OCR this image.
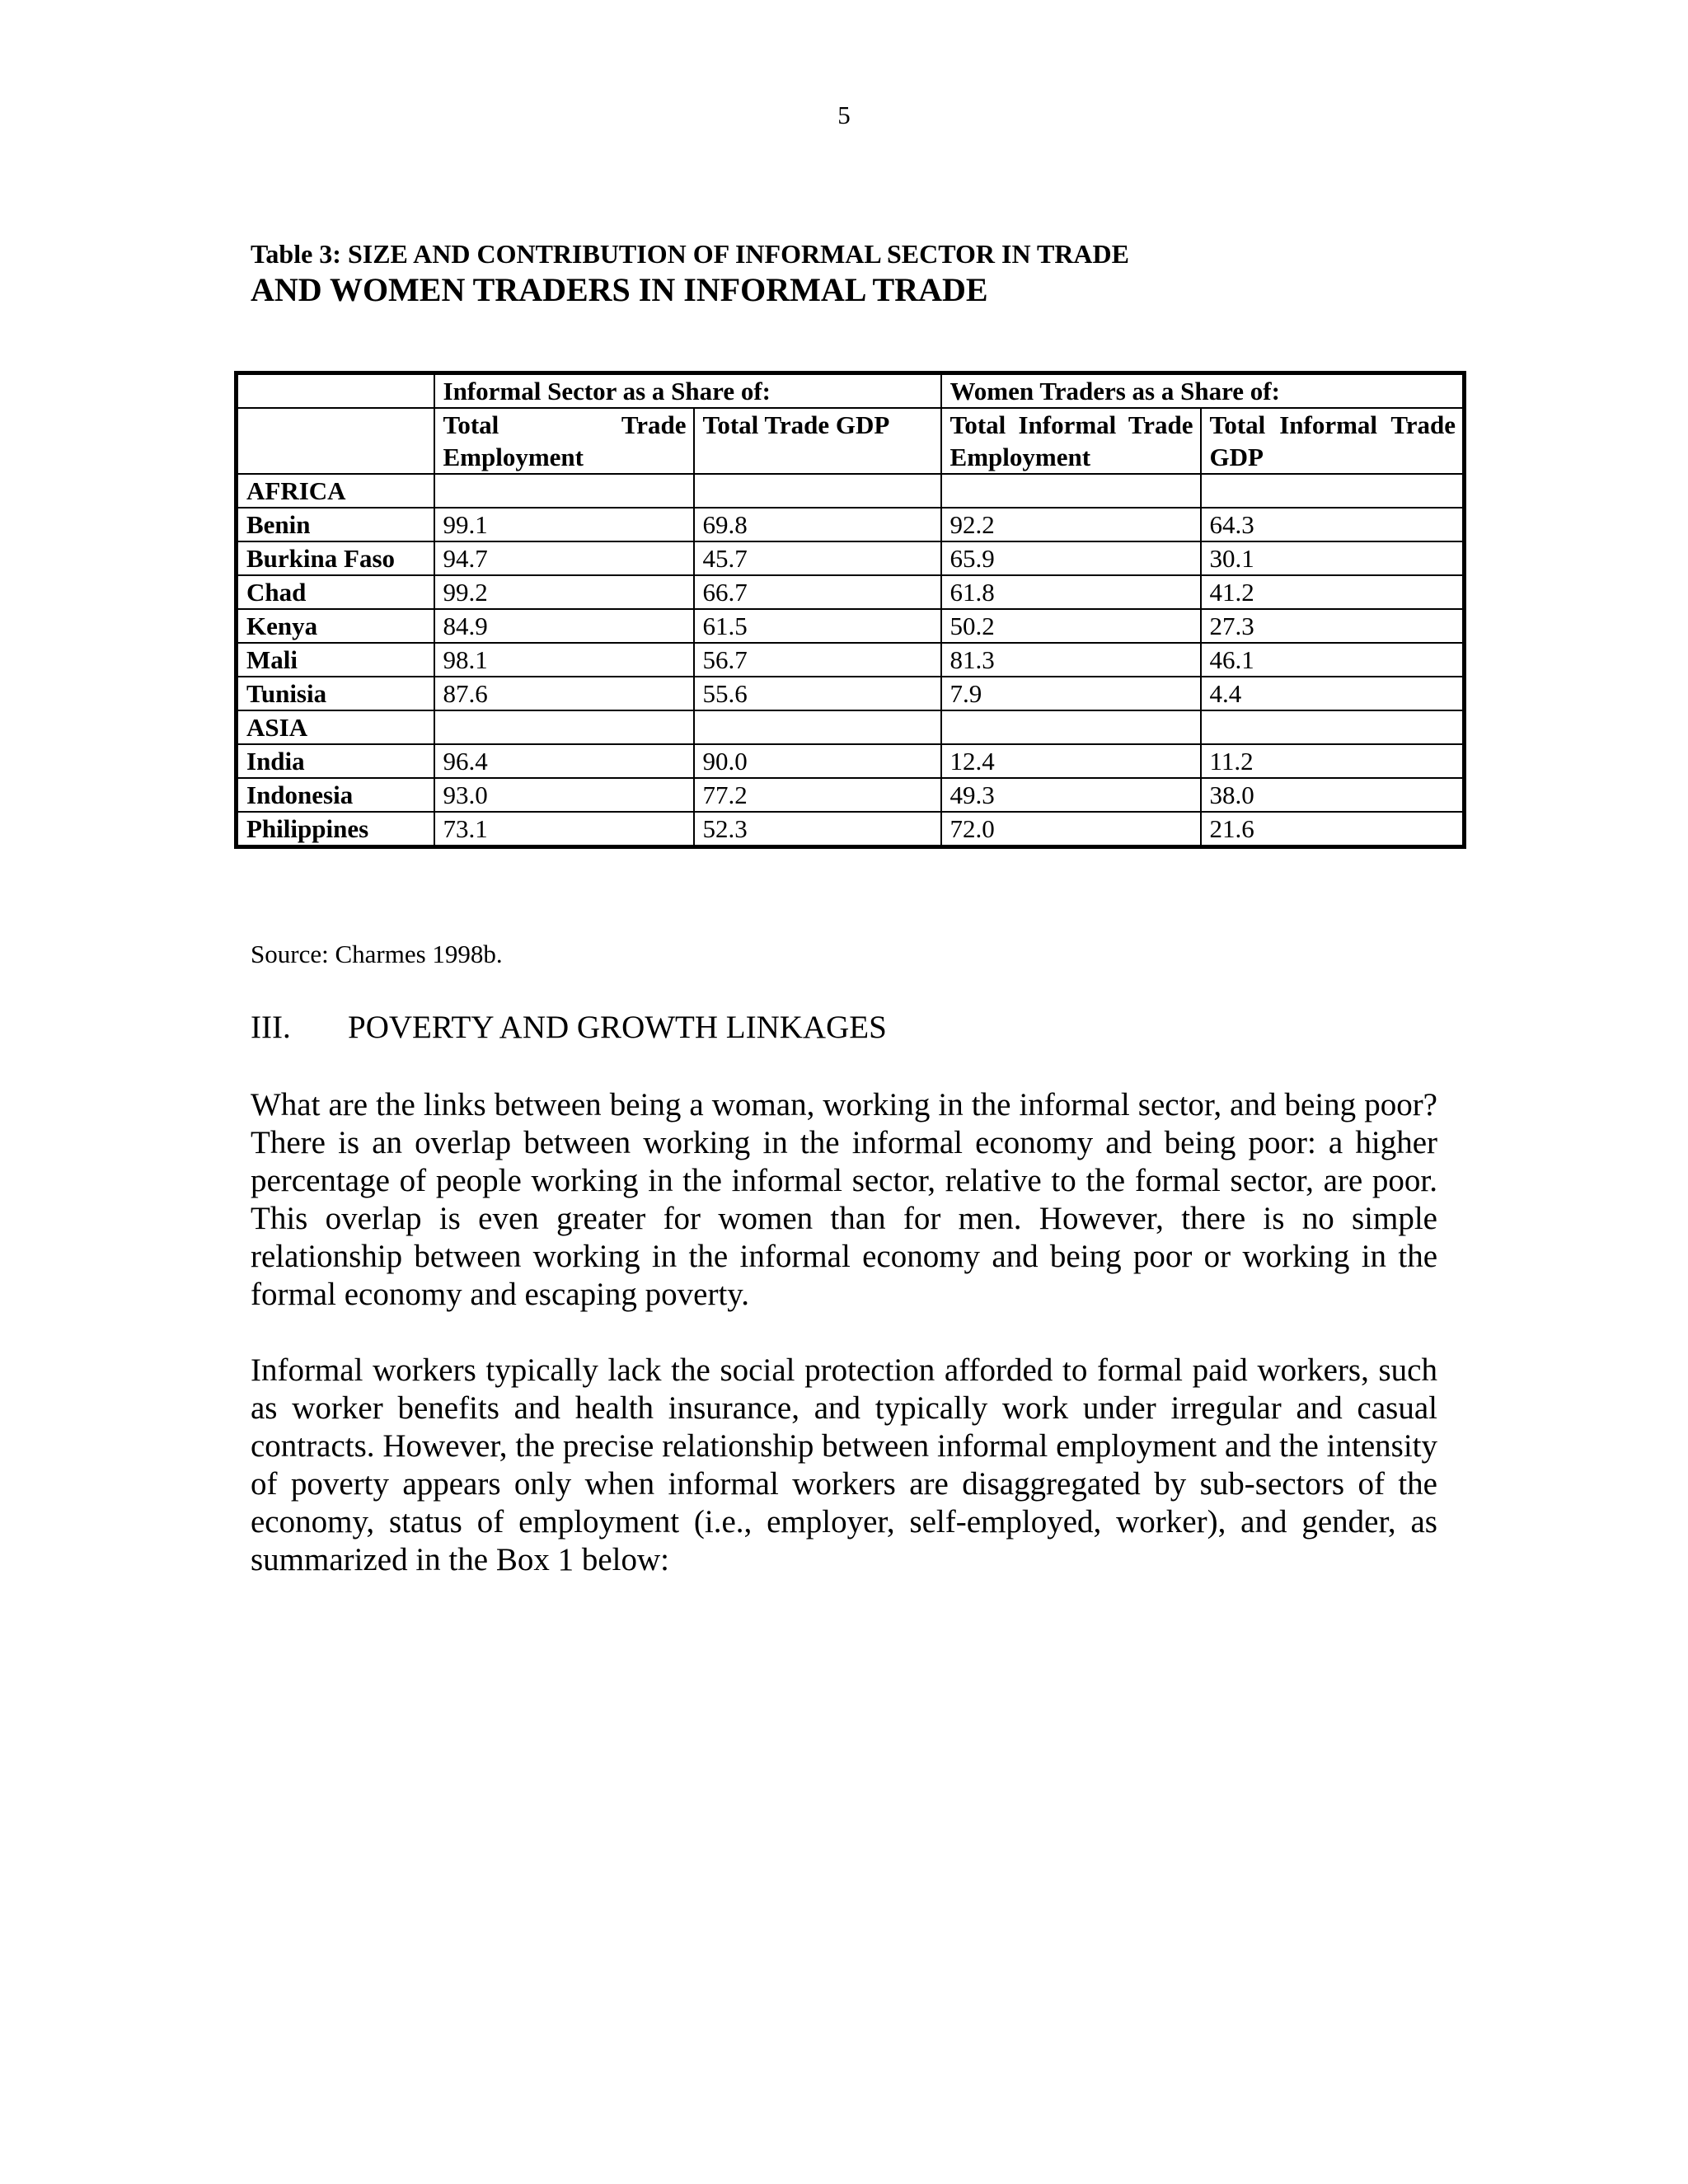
5
Table 3: SIZE AND CONTRIBUTION OF INFORMAL SECTOR IN TRADE
AND WOMEN TRADERS IN INFORMAL TRADE
	Informal Sector as a Share of:		Women Traders as a Share of:	
	Total Trade Employment	Total Trade GDP	Total Informal Trade Employment	Total Informal Trade GDP
AFRICA				
Benin	99.1	69.8	92.2	64.3
Burkina Faso	94.7	45.7	65.9	30.1
Chad	99.2	66.7	61.8	41.2
Kenya	84.9	61.5	50.2	27.3
Mali	98.1	56.7	81.3	46.1
Tunisia	87.6	55.6	7.9	4.4
ASIA				
India	96.4	90.0	12.4	11.2
Indonesia	93.0	77.2	49.3	38.0
Philippines	73.1	52.3	72.0	21.6
Source: Charmes 1998b.
III. POVERTY AND GROWTH LINKAGES

What are the links between being a woman, working in the informal sector, and being poor? There is an overlap between working in the informal economy and being poor: a higher percentage of people working in the informal sector, relative to the formal sector, are poor. This overlap is even greater for women than for men. However, there is no simple relationship between working in the informal economy and being poor or working in the formal economy and escaping poverty.

Informal workers typically lack the social protection afforded to formal paid workers, such as worker benefits and health insurance, and typically work under irregular and casual contracts. However, the precise relationship between informal employment and the intensity of poverty appears only when informal workers are disaggregated by sub-sectors of the economy, status of employment (i.e., employer, self-employed, worker), and gender, as summarized in the Box 1 below:
